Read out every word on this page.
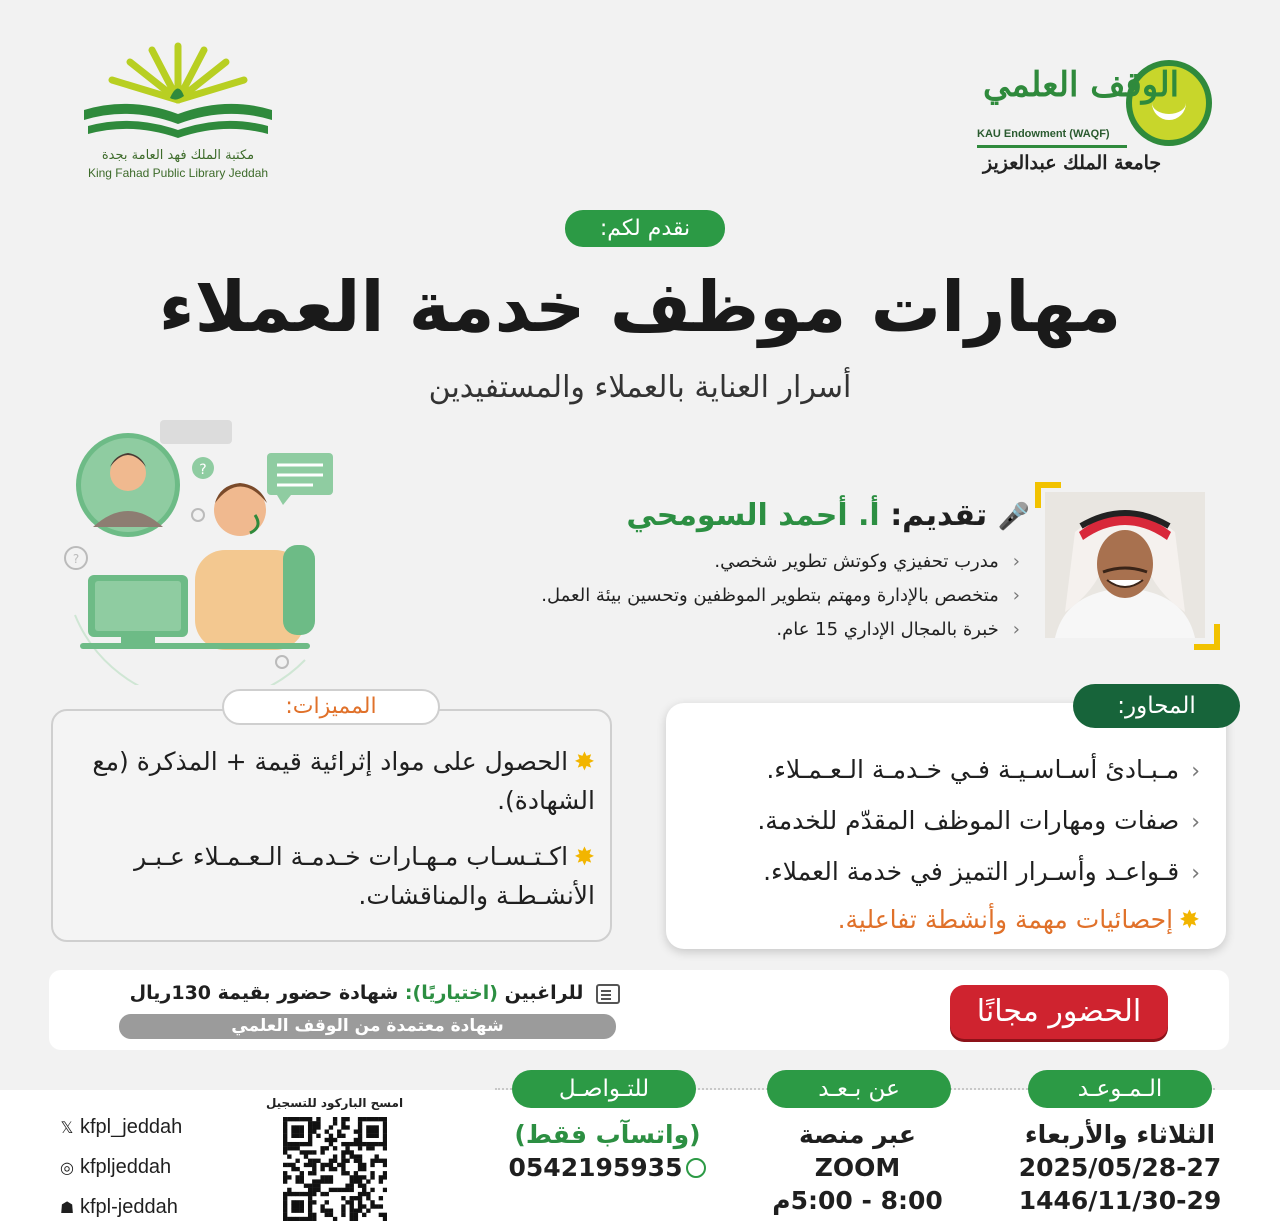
مكتبة الملك فهد العامة بجدة
King Fahad Public Library Jeddah
الوقف العلمي
KAU Endowment (WAQF)
جامعة الملك عبدالعزيز
نقدم لكم:
مهارات موظف خدمة العملاء
أسرار العناية بالعملاء والمستفيدين
?
?
🎤 تقديم: أ. أحمد السومحي
‹ مدرب تحفيزي وكوتش تطوير شخصي.
‹ متخصص بالإدارة ومهتم بتطوير الموظفين وتحسين بيئة العمل.
‹ خبرة بالمجال الإداري 15 عام.
المحاور:
‹مـبـادئ أسـاسـيـة فـي خـدمـة الـعـمـلاء.
‹صفات ومهارات الموظف المقدّم للخدمة.
‹قـواعـد وأسـرار التميز في خدمة العملاء.
✸إحصائيات مهمة وأنشطة تفاعلية.
المميزات:
✸الحصول على مواد إثرائية قيمة + المذكرة (مع الشهادة).
✸اكـتـسـاب مـهـارات خـدمـة الـعـمـلاء عـبـر الأنشـطـة والمناقشات.
الحضور مجانًا
للراغبين (اختياريًا): شهادة حضور بقيمة 130ريال
شهادة معتمدة من الوقف العلمي
الـمـوعـد
عن بـعـد
للتـواصـل
الثلاثاء والأربعاء
2025/05/28-27
1446/11/30-29
عبر منصة
ZOOM
8:00 - 5:00م
(واتسآب فقط)
0542195935
امسح الباركود للتسجيل
𝕏 kfpl_jeddah
◎ kfpljeddah
☗ kfpl-jeddah
